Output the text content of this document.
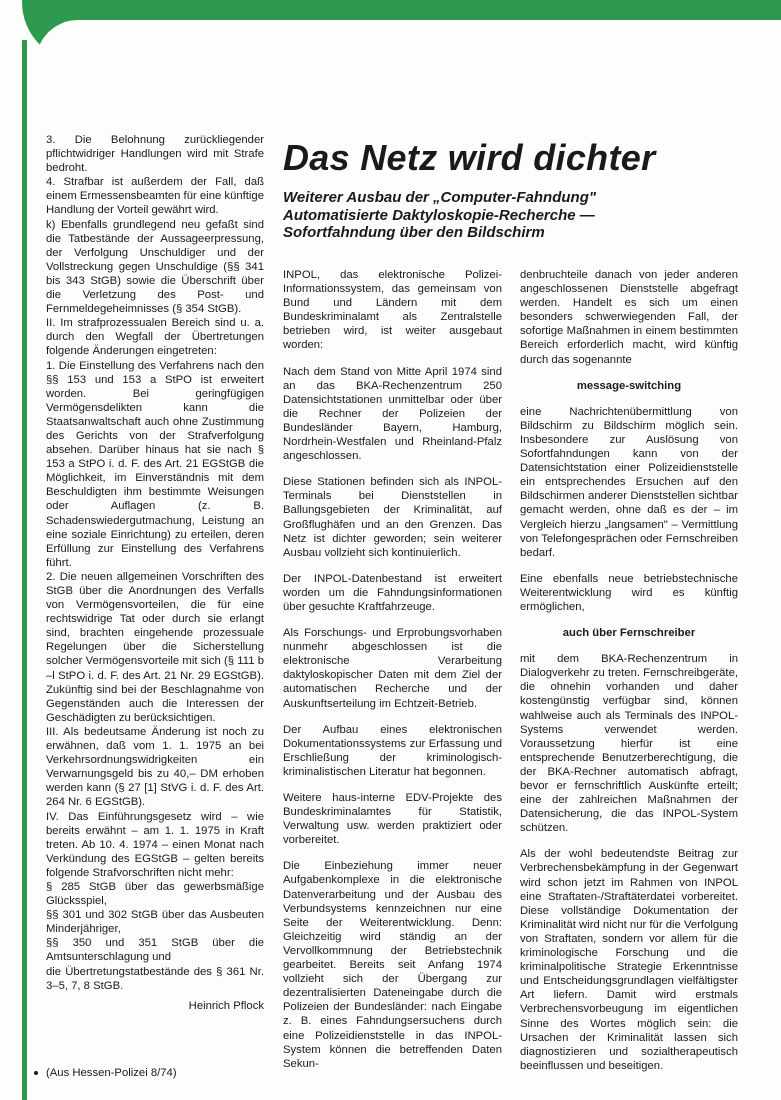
3. Die Belohnung zurückliegender pflichtwidriger Handlungen wird mit Strafe bedroht.

4. Strafbar ist außerdem der Fall, daß einem Ermessensbeamten für eine künftige Handlung der Vorteil gewährt wird.

k) Ebenfalls grundlegend neu gefaßt sind die Tatbestände der Aussageerpressung, der Verfolgung Unschuldiger und der Vollstreckung gegen Unschuldige (§§ 341 bis 343 StGB) sowie die Überschrift über die Verletzung des Post- und Fernmeldegeheimnisses (§ 354 StGB).

II. Im strafprozessualen Bereich sind u. a. durch den Wegfall der Übertretungen folgende Änderungen eingetreten:

1. Die Einstellung des Verfahrens nach den §§ 153 und 153 a StPO ist erweitert worden. Bei geringfügigen Vermögensdelikten kann die Staatsanwaltschaft auch ohne Zustimmung des Gerichts von der Strafverfolgung absehen. Darüber hinaus hat sie nach § 153 a StPO i. d. F. des Art. 21 EGStGB die Möglichkeit, im Einverständnis mit dem Beschuldigten ihm bestimmte Weisungen oder Auflagen (z. B. Schadenswiedergutmachung, Leistung an eine soziale Einrichtung) zu erteilen, deren Erfüllung zur Einstellung des Verfahrens führt.

2. Die neuen allgemeinen Vorschriften des StGB über die Anordnungen des Verfalls von Vermögensvorteilen, die für eine rechtswidrige Tat oder durch sie erlangt sind, brachten eingehende prozessuale Regelungen über die Sicherstellung solcher Vermögensvorteile mit sich (§ 111 b –l StPO i. d. F. des Art. 21 Nr. 29 EGStGB). Zukünftig sind bei der Beschlagnahme von Gegenständen auch die Interessen der Geschädigten zu berücksichtigen.

III. Als bedeutsame Änderung ist noch zu erwähnen, daß vom 1. 1. 1975 an bei Verkehrsordnungswidrigkeiten ein Verwarnungsgeld bis zu 40,– DM erhoben werden kann (§ 27 [1] StVG i. d. F. des Art. 264 Nr. 6 EGStGB).

IV. Das Einführungsgesetz wird – wie bereits erwähnt – am 1. 1. 1975 in Kraft treten. Ab 10. 4. 1974 – einen Monat nach Verkündung des EGStGB – gelten bereits folgende Strafvorschriften nicht mehr:

§ 285 StGB über das gewerbsmäßige Glücksspiel,

§§ 301 und 302 StGB über das Ausbeuten Minderjähriger,

§§ 350 und 351 StGB über die Amtsunterschlagung und

die Übertretungstatbestände des § 361 Nr. 3–5, 7, 8 StGB.

Heinrich Pflock

(Aus Hessen-Polizei 8/74)
Das Netz wird dichter
Weiterer Ausbau der „Computer-Fahndung"
Automatisierte Daktyloskopie-Recherche —
Sofortfahndung über den Bildschirm

INPOL, das elektronische Polizei-Informationssystem, das gemeinsam von Bund und Ländern mit dem Bundeskriminalamt als Zentralstelle betrieben wird, ist weiter ausgebaut worden:

Nach dem Stand von Mitte April 1974 sind an das BKA-Rechenzentrum 250 Datensichtstationen unmittelbar oder über die Rechner der Polizeien der Bundesländer Bayern, Hamburg, Nordrhein-Westfalen und Rheinland-Pfalz angeschlossen.

Diese Stationen befinden sich als INPOL-Terminals bei Dienststellen in Ballungsgebieten der Kriminalität, auf Großflughäfen und an den Grenzen. Das Netz ist dichter geworden; sein weiterer Ausbau vollzieht sich kontinuierlich.

Der INPOL-Datenbestand ist erweitert worden um die Fahndungsinformationen über gesuchte Kraftfahrzeuge.

Als Forschungs- und Erprobungsvorhaben nunmehr abgeschlossen ist die elektronische Verarbeitung daktyloskopischer Daten mit dem Ziel der automatischen Recherche und der Auskunftserteilung im Echtzeit-Betrieb.

Der Aufbau eines elektronischen Dokumentationssystems zur Erfassung und Erschließung der kriminologisch-kriminalistischen Literatur hat begonnen.

Weitere haus-interne EDV-Projekte des Bundeskriminalamtes für Statistik, Verwaltung usw. werden praktiziert oder vorbereitet.

Die Einbeziehung immer neuer Aufgabenkomplexe in die elektronische Datenverarbeitung und der Ausbau des Verbundsystems kennzeichnen nur eine Seite der Weiterentwicklung. Denn: Gleichzeitig wird ständig an der Vervollkommnung der Betriebstechnik gearbeitet. Bereits seit Anfang 1974 vollzieht sich der Übergang zur dezentralisierten Dateneingabe durch die Polizeien der Bundesländer: nach Eingabe z. B. eines Fahndungsersuchens durch eine Polizeidienststelle in das INPOL-System können die betreffenden Daten Sekun-

denbruchteile danach von jeder anderen angeschlossenen Dienststelle abgefragt werden. Handelt es sich um einen besonders schwerwiegenden Fall, der sofortige Maßnahmen in einem bestimmten Bereich erforderlich macht, wird künftig durch das sogenannte

message-switching

eine Nachrichtenübermittlung von Bildschirm zu Bildschirm möglich sein. Insbesondere zur Auslösung von Sofortfahndungen kann von der Datensichtstation einer Polizeidienststelle ein entsprechendes Ersuchen auf den Bildschirmen anderer Dienststellen sichtbar gemacht werden, ohne daß es der – im Vergleich hierzu „langsamen" – Vermittlung von Telefongesprächen oder Fernschreiben bedarf.

Eine ebenfalls neue betriebstechnische Weiterentwicklung wird es künftig ermöglichen,

auch über Fernschreiber

mit dem BKA-Rechenzentrum in Dialogverkehr zu treten. Fernschreibgeräte, die ohnehin vorhanden und daher kostengünstig verfügbar sind, können wahlweise auch als Terminals des INPOL-Systems verwendet werden. Voraussetzung hierfür ist eine entsprechende Benutzerberechtigung, die der BKA-Rechner automatisch abfragt, bevor er fernschriftlich Auskünfte erteilt; eine der zahlreichen Maßnahmen der Datensicherung, die das INPOL-System schützen.

Als der wohl bedeutendste Beitrag zur Verbrechensbekämpfung in der Gegenwart wird schon jetzt im Rahmen von INPOL eine Straftaten-/Straftäterdatei vorbereitet. Diese vollständige Dokumentation der Kriminalität wird nicht nur für die Verfolgung von Straftaten, sondern vor allem für die kriminologische Forschung und die kriminalpolitische Strategie Erkenntnisse und Entscheidungsgrundlagen vielfältigster Art liefern. Damit wird erstmals Verbrechensvorbeugung im eigentlichen Sinne des Wortes möglich sein: die Ursachen der Kriminalität lassen sich diagnostizieren und sozialtherapeutisch beeinflussen und beseitigen.
